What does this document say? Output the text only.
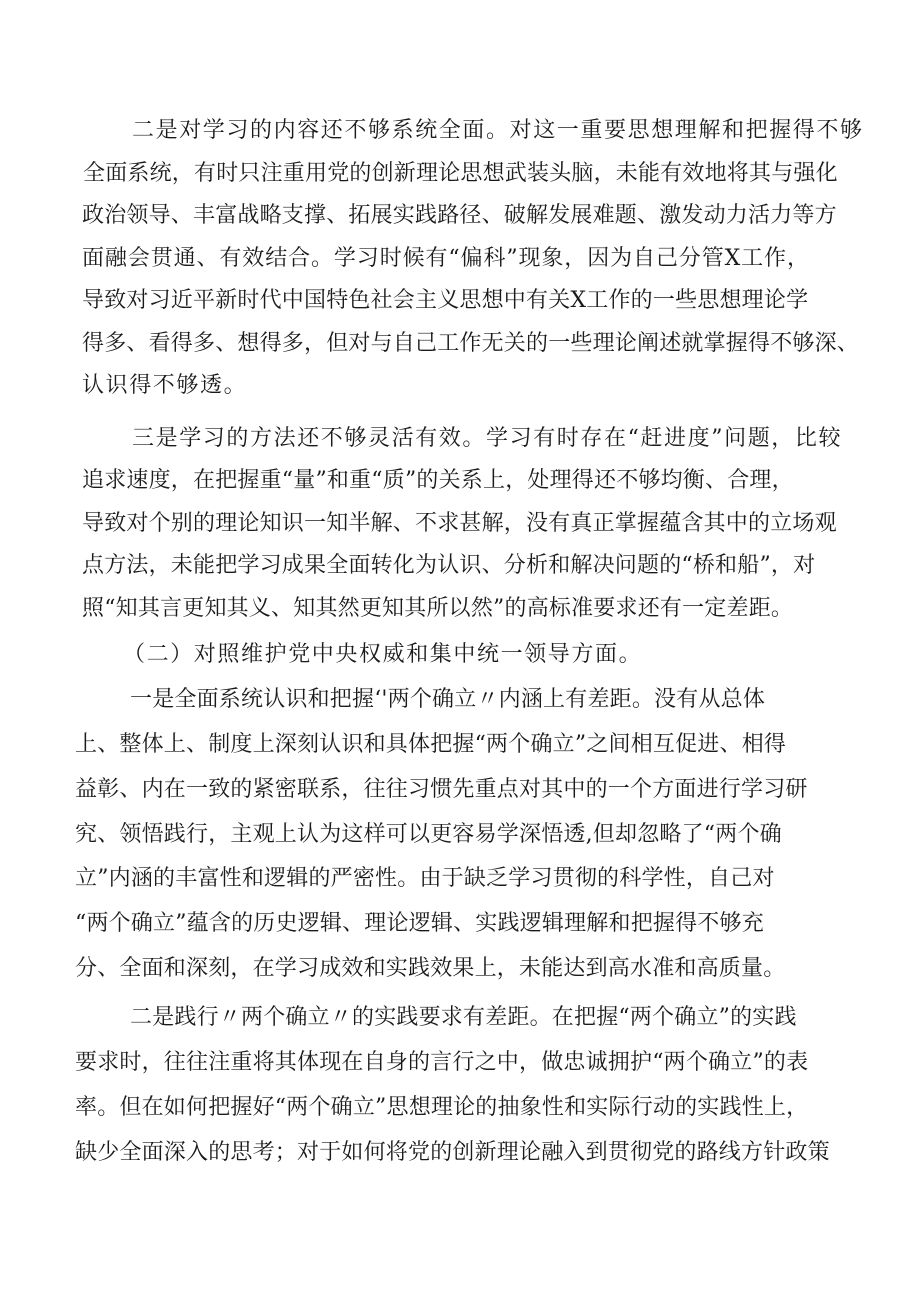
二是对学习的内容还不够系统全面。对这一重要思想理解和把握得不够

全面系统，有时只注重用党的创新理论思想武装头脑，未能有效地将其与强化

政治领导、丰富战略支撑、拓展实践路径、破解发展难题、激发动力活力等方

面融会贯通、有效结合。学习时候有“偏科”现象，因为自己分管X工作，

导致对习近平新时代中国特色社会主义思想中有关X工作的一些思想理论学

得多、看得多、想得多，但对与自己工作无关的一些理论阐述就掌握得不够深、

认识得不够透。

三是学习的方法还不够灵活有效。学习有时存在“赶进度”问题，比较

追求速度，在把握重“量”和重“质”的关系上，处理得还不够均衡、合理，

导致对个别的理论知识一知半解、不求甚解，没有真正掌握蕴含其中的立场观

点方法，未能把学习成果全面转化为认识、分析和解决问题的“桥和船”，对

照“知其言更知其义、知其然更知其所以然”的高标准要求还有一定差距。

（二）对照维护党中央权威和集中统一领导方面。

一是全面系统认识和把握‘'两个确立〃内涵上有差距。没有从总体

上、整体上、制度上深刻认识和具体把握“两个确立”之间相互促进、相得

益彰、内在一致的紧密联系，往往习惯先重点对其中的一个方面进行学习研

究、领悟践行，主观上认为这样可以更容易学深悟透,但却忽略了“两个确

立”内涵的丰富性和逻辑的严密性。由于缺乏学习贯彻的科学性，自己对

“两个确立”蕴含的历史逻辑、理论逻辑、实践逻辑理解和把握得不够充

分、全面和深刻，在学习成效和实践效果上，未能达到高水准和高质量。

二是践行〃两个确立〃的实践要求有差距。在把握“两个确立”的实践

要求时，往往注重将其体现在自身的言行之中，做忠诚拥护“两个确立”的表

率。但在如何把握好“两个确立”思想理论的抽象性和实际行动的实践性上，

缺少全面深入的思考；对于如何将党的创新理论融入到贯彻党的路线方针政策
